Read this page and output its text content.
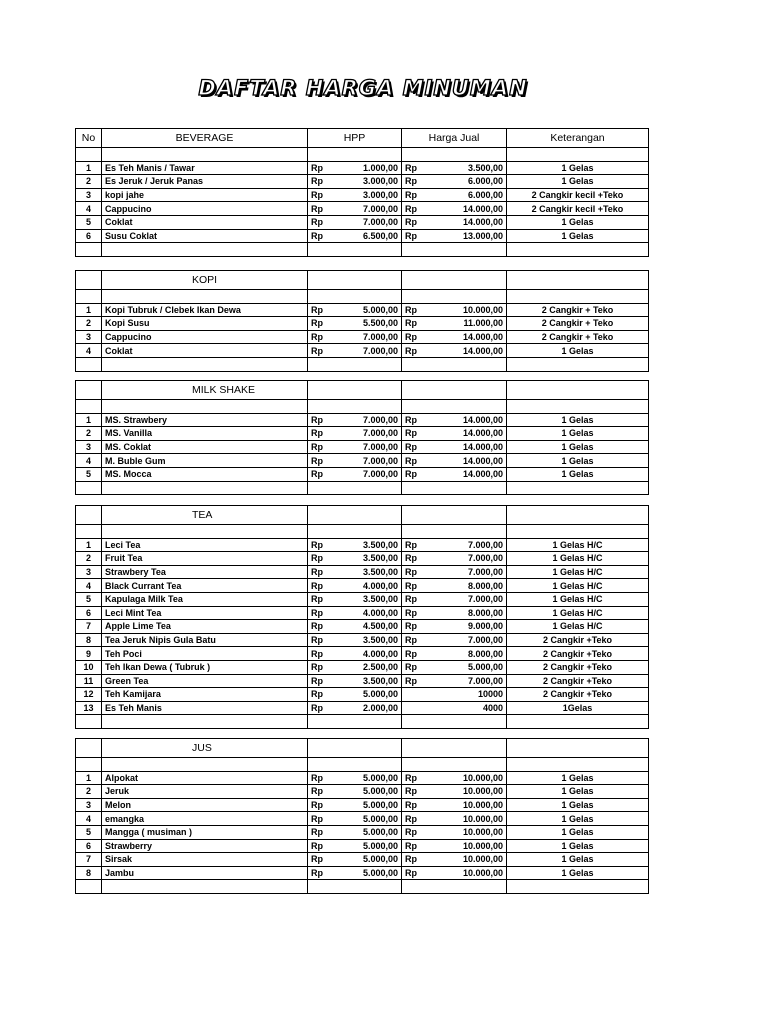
DAFTAR HARGA MINUMAN
No	BEVERAGE	HPP		Harga Jual		Keterangan

1	Es Teh Manis / Tawar	Rp	1.000,00	Rp	3.500,00	1 Gelas
2	Es Jeruk / Jeruk Panas	Rp	3.000,00	Rp	6.000,00	1 Gelas
3	kopi jahe	Rp	3.000,00	Rp	6.000,00	2 Cangkir kecil +Teko
4	Cappucino	Rp	7.000,00	Rp	14.000,00	2 Cangkir kecil +Teko
5	Coklat	Rp	7.000,00	Rp	14.000,00	1 Gelas
6	Susu Coklat	Rp	6.500,00	Rp	13.000,00	1 Gelas

	KOPI					

1	Kopi Tubruk / Clebek Ikan Dewa	Rp	5.000,00	Rp	10.000,00	2 Cangkir + Teko
2	Kopi Susu	Rp	5.500,00	Rp	11.000,00	2 Cangkir + Teko
3	Cappucino	Rp	7.000,00	Rp	14.000,00	2 Cangkir + Teko
4	Coklat	Rp	7.000,00	Rp	14.000,00	1 Gelas

	MILK SHAKE					

1	MS. Strawbery	Rp	7.000,00	Rp	14.000,00	1 Gelas
2	MS. Vanilla	Rp	7.000,00	Rp	14.000,00	1 Gelas
3	MS. Coklat	Rp	7.000,00	Rp	14.000,00	1 Gelas
4	M. Buble Gum	Rp	7.000,00	Rp	14.000,00	1 Gelas
5	MS. Mocca	Rp	7.000,00	Rp	14.000,00	1 Gelas

	TEA					

1	Leci Tea	Rp	3.500,00	Rp	7.000,00	1 Gelas H/C
2	Fruit Tea	Rp	3.500,00	Rp	7.000,00	1 Gelas H/C
3	Strawbery Tea	Rp	3.500,00	Rp	7.000,00	1 Gelas H/C
4	Black Currant Tea	Rp	4.000,00	Rp	8.000,00	1 Gelas H/C
5	Kapulaga Milk Tea	Rp	3.500,00	Rp	7.000,00	1 Gelas H/C
6	Leci Mint Tea	Rp	4.000,00	Rp	8.000,00	1 Gelas H/C
7	Apple Lime Tea	Rp	4.500,00	Rp	9.000,00	1 Gelas H/C
8	Tea Jeruk Nipis Gula Batu	Rp	3.500,00	Rp	7.000,00	2 Cangkir +Teko
9	Teh Poci	Rp	4.000,00	Rp	8.000,00	2 Cangkir +Teko
10	Teh Ikan Dewa ( Tubruk )	Rp	2.500,00	Rp	5.000,00	2 Cangkir +Teko
11	Green Tea	Rp	3.500,00	Rp	7.000,00	2 Cangkir +Teko
12	Teh Kamijara	Rp	5.000,00		10000	2 Cangkir +Teko
13	Es Teh Manis	Rp	2.000,00		4000	1Gelas

	JUS					

1	Alpokat	Rp	5.000,00	Rp	10.000,00	1 Gelas
2	Jeruk	Rp	5.000,00	Rp	10.000,00	1 Gelas
3	Melon	Rp	5.000,00	Rp	10.000,00	1 Gelas
4	emangka	Rp	5.000,00	Rp	10.000,00	1 Gelas
5	Mangga ( musiman )	Rp	5.000,00	Rp	10.000,00	1 Gelas
6	Strawberry	Rp	5.000,00	Rp	10.000,00	1 Gelas
7	Sirsak	Rp	5.000,00	Rp	10.000,00	1 Gelas
8	Jambu	Rp	5.000,00	Rp	10.000,00	1 Gelas
